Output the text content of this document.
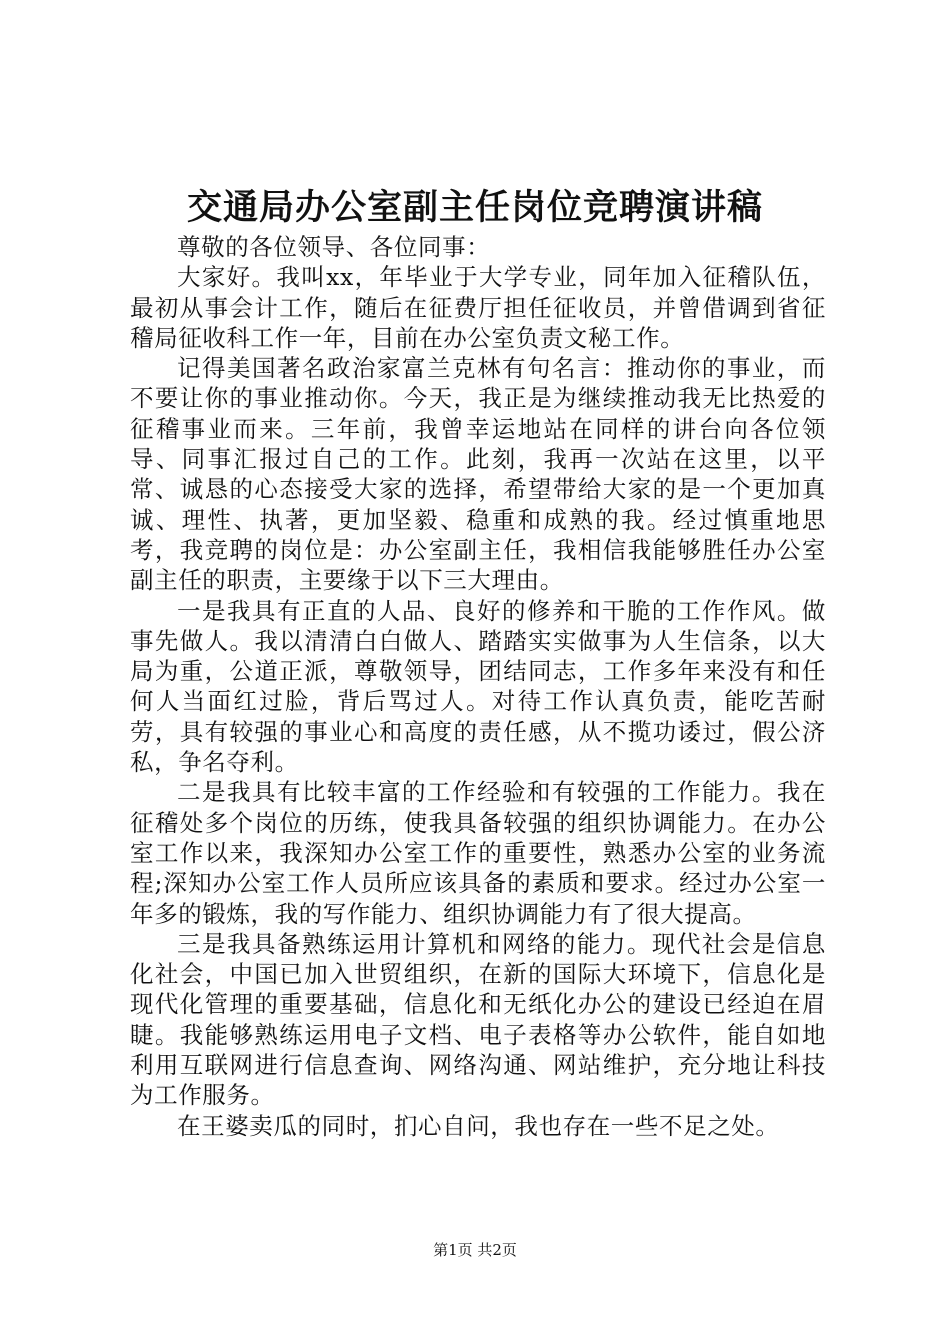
交通局办公室副主任岗位竞聘演讲稿

尊敬的各位领导、各位同事：

大家好。我叫xx，年毕业于大学专业，同年加入征稽队伍，最初从事会计工作，随后在征费厅担任征收员，并曾借调到省征稽局征收科工作一年，目前在办公室负责文秘工作。

记得美国著名政治家富兰克林有句名言：推动你的事业，而不要让你的事业推动你。今天，我正是为继续推动我无比热爱的征稽事业而来。三年前，我曾幸运地站在同样的讲台向各位领导、同事汇报过自己的工作。此刻，我再一次站在这里，以平常、诚恳的心态接受大家的选择，希望带给大家的是一个更加真诚、理性、执著，更加坚毅、稳重和成熟的我。经过慎重地思考，我竞聘的岗位是：办公室副主任，我相信我能够胜任办公室副主任的职责，主要缘于以下三大理由。

一是我具有正直的人品、良好的修养和干脆的工作作风。做事先做人。我以清清白白做人、踏踏实实做事为人生信条，以大局为重，公道正派，尊敬领导，团结同志，工作多年来没有和任何人当面红过脸，背后骂过人。对待工作认真负责，能吃苦耐劳，具有较强的事业心和高度的责任感，从不揽功诿过，假公济私，争名夺利。

二是我具有比较丰富的工作经验和有较强的工作能力。我在征稽处多个岗位的历练，使我具备较强的组织协调能力。在办公室工作以来，我深知办公室工作的重要性，熟悉办公室的业务流程;深知办公室工作人员所应该具备的素质和要求。经过办公室一年多的锻炼，我的写作能力、组织协调能力有了很大提高。

三是我具备熟练运用计算机和网络的能力。现代社会是信息化社会，中国已加入世贸组织，在新的国际大环境下，信息化是现代化管理的重要基础，信息化和无纸化办公的建设已经迫在眉睫。我能够熟练运用电子文档、电子表格等办公软件，能自如地利用互联网进行信息查询、网络沟通、网站维护，充分地让科技为工作服务。

在王婆卖瓜的同时，扪心自问，我也存在一些不足之处。

第1页 共2页
